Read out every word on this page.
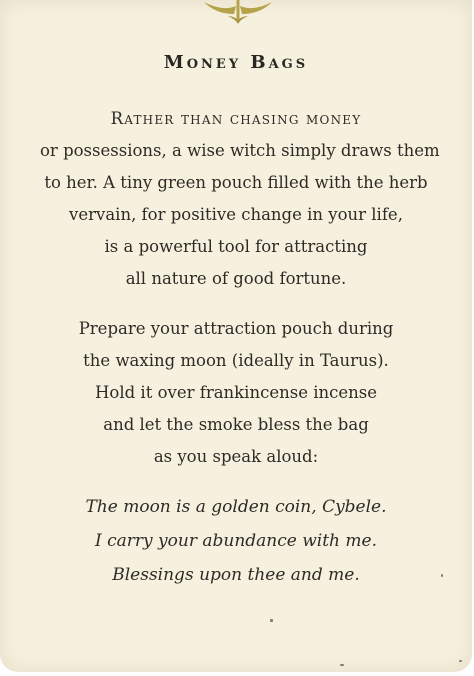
Money Bags
Rather than chasing money
or possessions, a wise witch simply draws them
to her. A tiny green pouch filled with the herb
vervain, for positive change in your life,
is a powerful tool for attracting
all nature of good fortune.
Prepare your attraction pouch during
the waxing moon (ideally in Taurus).
Hold it over frankincense incense
and let the smoke bless the bag
as you speak aloud:
The moon is a golden coin, Cybele.
I carry your abundance with me.
Blessings upon thee and me.
